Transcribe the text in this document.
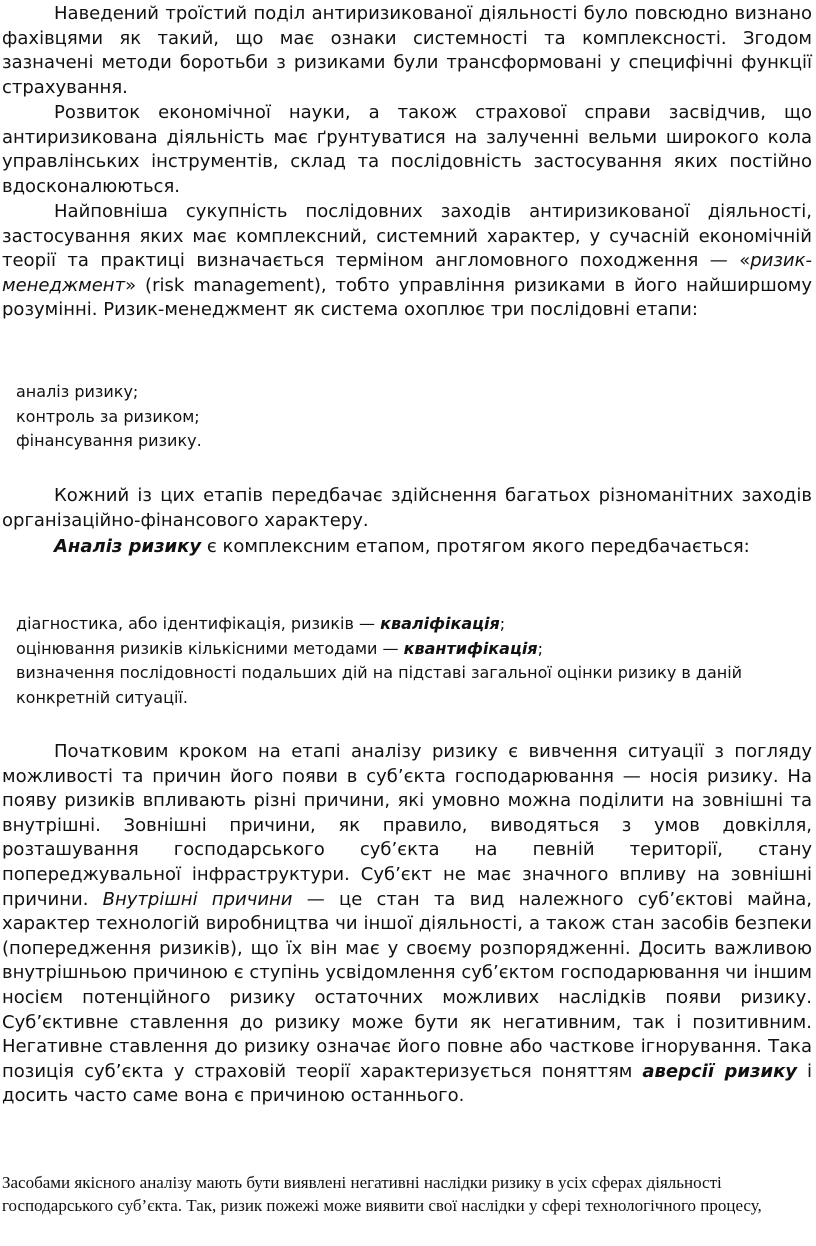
Наведений троїстий поділ антиризикованої діяльності було повсюдно визнано фахівцями як такий, що має ознаки системності та комплексності. Згодом зазначені методи боротьби з ризиками були трансформовані у специфічні функції страхування.

Розвиток економічної науки, а також страхової справи засвідчив, що антиризикована діяльність має ґрунтуватися на залученні вельми широкого кола управлінських інструментів, склад та послідовність застосування яких постійно вдосконалюються.

Найповніша сукупність послідовних заходів антиризикованої діяльності, застосування яких має комплексний, системний характер, у сучасній економічній теорії та практиці визначається терміном англомовного походження — «ризик-менеджмент» (risk management), тобто управління ризиками в його найширшому розумінні. Ризик-менеджмент як система охоплює три послідовні етапи:

аналіз ризику;
контроль за ризиком;
фінансування ризику.

Кожний із цих етапів передбачає здійснення багатьох різноманітних заходів організаційно-фінансового характеру.

Аналіз ризику є комплексним етапом, протягом якого передбачається:

діагностика, або ідентифікація, ризиків — кваліфікація;
оцінювання ризиків кількісними методами — квантифікація;
визначення послідовності подальших дій на підставі загальної оцінки ризику в даній конкретній ситуації.

Початковим кроком на етапі аналізу ризику є вивчення ситуації з погляду можливості та причин його появи в суб’єкта господарювання — носія ризику. На появу ризиків впливають різні причини, які умовно можна поділити на зовнішні та внутрішні. Зовнішні причини, як правило, виводяться з умов довкілля, розташування господарського суб’єкта на певній території, стану попереджувальної інфраструктури. Суб’єкт не має значного впливу на зовнішні причини. Внутрішні причини — це стан та вид належного суб’єктові майна, характер технологій виробництва чи іншої діяльності, а також стан засобів безпеки (попередження ризиків), що їх він має у своєму розпорядженні. Досить важливою внутрішньою причиною є ступінь усвідомлення суб’єктом господарювання чи іншим носієм потенційного ризику остаточних можливих наслідків появи ризику. Суб’єктивне ставлення до ризику може бути як негативним, так і позитивним. Негативне ставлення до ризику означає його повне або часткове ігнорування. Така позиція суб’єкта у страховій теорії характеризується поняттям аверсії ризику і досить часто саме вона є причиною останнього.

Засобами якісного аналізу мають бути виявлені негативні наслідки ризику в усіх сферах діяльності господарського суб’єкта. Так, ризик пожежі може виявити свої наслідки у сфері технологічного процесу,
